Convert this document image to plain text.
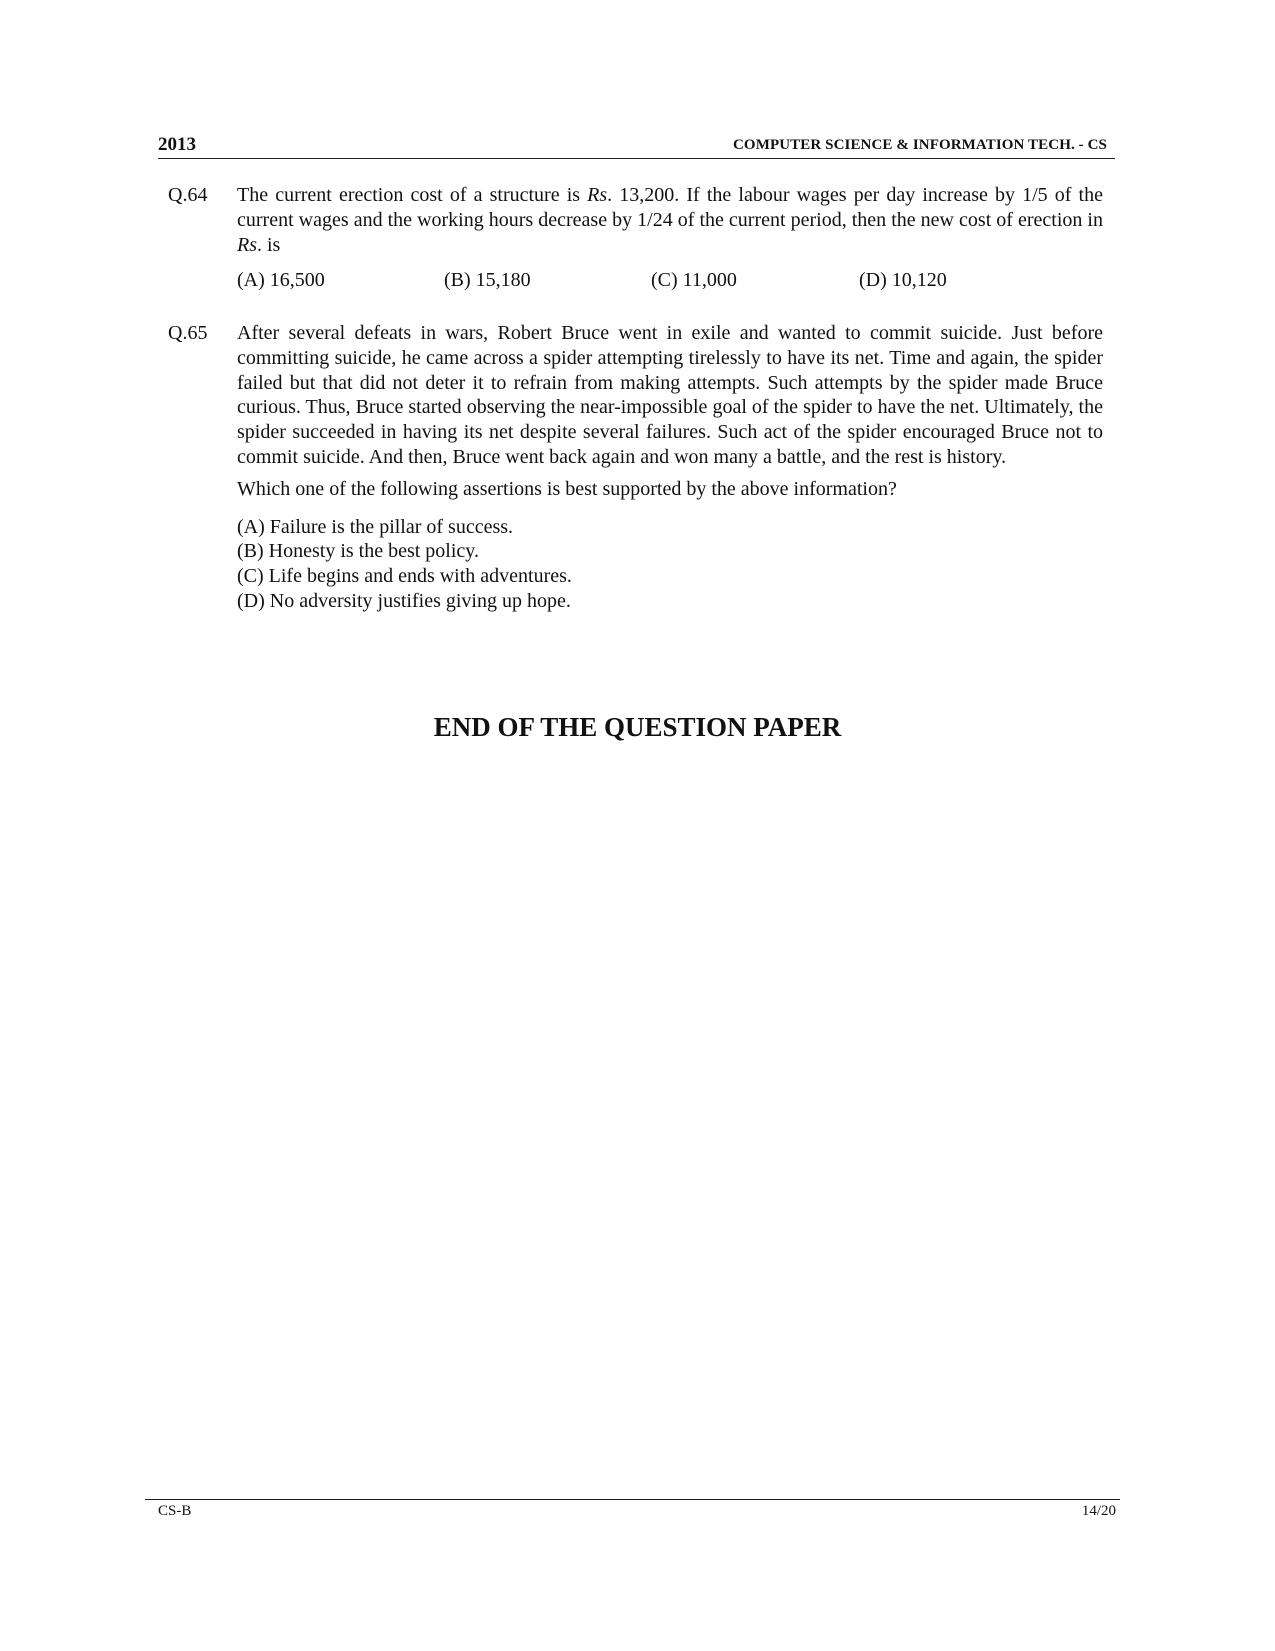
2013	COMPUTER SCIENCE & INFORMATION TECH. - CS
Q.64 The current erection cost of a structure is Rs. 13,200. If the labour wages per day increase by 1/5 of the current wages and the working hours decrease by 1/24 of the current period, then the new cost of erection in Rs. is

(A) 16,500	(B) 15,180	(C) 11,000	(D) 10,120
Q.65 After several defeats in wars, Robert Bruce went in exile and wanted to commit suicide. Just before committing suicide, he came across a spider attempting tirelessly to have its net. Time and again, the spider failed but that did not deter it to refrain from making attempts. Such attempts by the spider made Bruce curious. Thus, Bruce started observing the near-impossible goal of the spider to have the net. Ultimately, the spider succeeded in having its net despite several failures. Such act of the spider encouraged Bruce not to commit suicide. And then, Bruce went back again and won many a battle, and the rest is history.

Which one of the following assertions is best supported by the above information?

(A) Failure is the pillar of success.
(B) Honesty is the best policy.
(C) Life begins and ends with adventures.
(D) No adversity justifies giving up hope.
END OF THE QUESTION PAPER
CS-B	14/20
